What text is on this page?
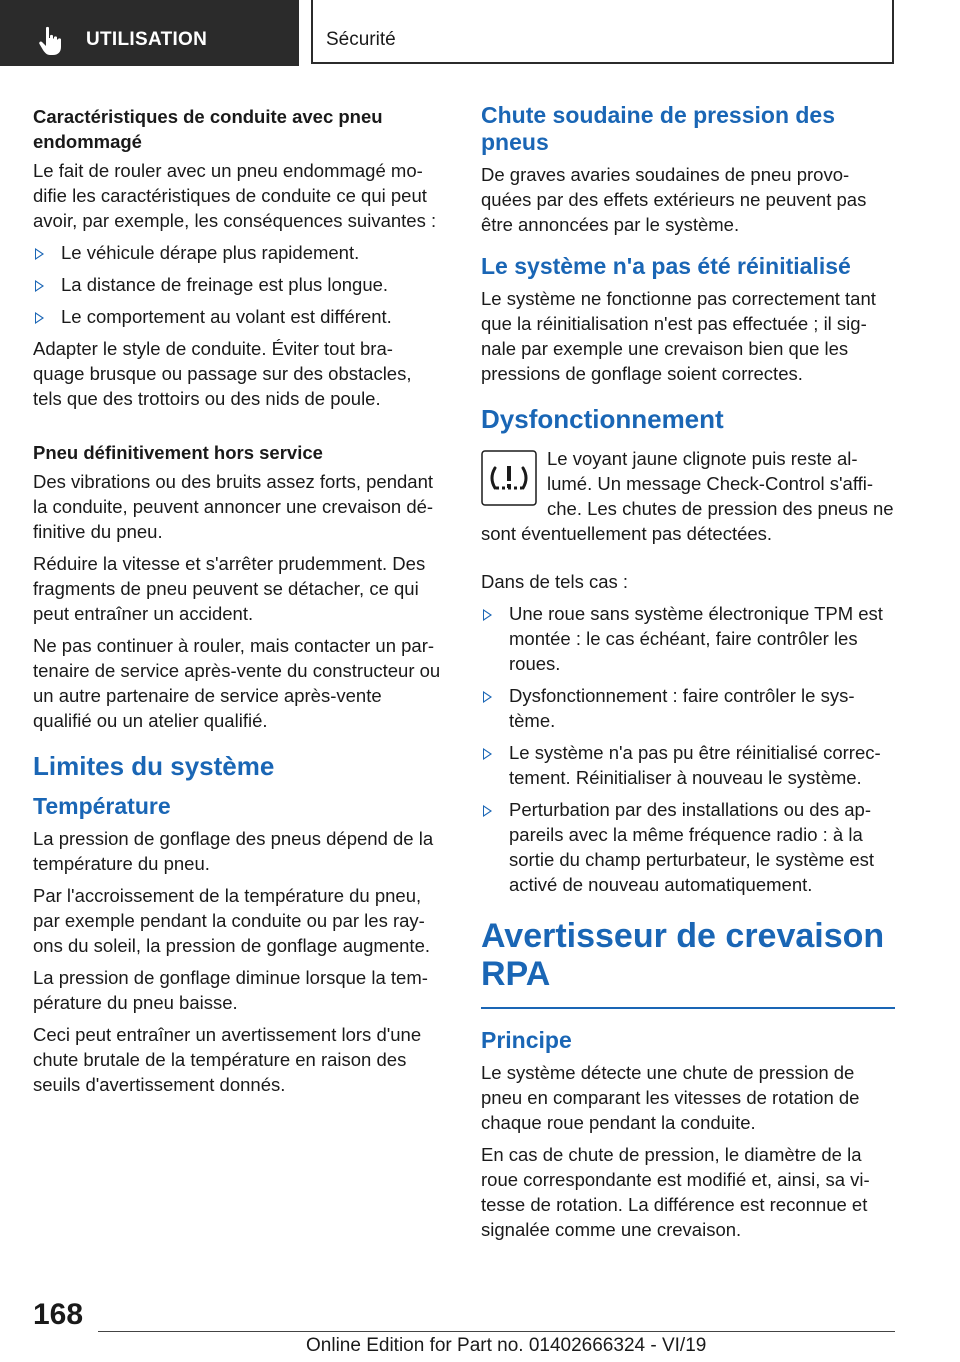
UTILISATION	Sécurité
Caractéristiques de conduite avec pneu endommagé

Le fait de rouler avec un pneu endommagé mo- difie les caractéristiques de conduite ce qui peut avoir, par exemple, les conséquences suivantes :

Le véhicule dérape plus rapidement.
La distance de freinage est plus longue.
Le comportement au volant est différent.

Adapter le style de conduite. Éviter tout bra- quage brusque ou passage sur des obstacles, tels que des trottoirs ou des nids de poule.

Pneu définitivement hors service

Des vibrations ou des bruits assez forts, pendant la conduite, peuvent annoncer une crevaison dé- finitive du pneu.

Réduire la vitesse et s'arrêter prudemment. Des fragments de pneu peuvent se détacher, ce qui peut entraîner un accident.

Ne pas continuer à rouler, mais contacter un par- tenaire de service après-vente du constructeur ou un autre partenaire de service après-vente qualifié ou un atelier qualifié.

Limites du système
Température

La pression de gonflage des pneus dépend de la température du pneu.

Par l'accroissement de la température du pneu, par exemple pendant la conduite ou par les ray- ons du soleil, la pression de gonflage augmente.

La pression de gonflage diminue lorsque la tem- pérature du pneu baisse.

Ceci peut entraîner un avertissement lors d'une chute brutale de la température en raison des seuils d'avertissement donnés.

Chute soudaine de pression des pneus

De graves avaries soudaines de pneu provo- quées par des effets extérieurs ne peuvent pas être annoncées par le système.

Le système n'a pas été réinitialisé

Le système ne fonctionne pas correctement tant que la réinitialisation n'est pas effectuée ; il sig- nale par exemple une crevaison bien que les pressions de gonflage soient correctes.

Dysfonctionnement

Le voyant jaune clignote puis reste al- lumé. Un message Check-Control s'affi- che. Les chutes de pression des pneus ne sont éventuellement pas détectées.

Dans de tels cas :

Une roue sans système électronique TPM est montée : le cas échéant, faire contrôler les roues.
Dysfonctionnement : faire contrôler le sys- tème.
Le système n'a pas pu être réinitialisé correc- tement. Réinitialiser à nouveau le système.
Perturbation par des installations ou des ap- pareils avec la même fréquence radio : à la sortie du champ perturbateur, le système est activé de nouveau automatiquement.
Avertisseur de crevaison RPA
Principe

Le système détecte une chute de pression de pneu en comparant les vitesses de rotation de chaque roue pendant la conduite.

En cas de chute de pression, le diamètre de la roue correspondante est modifié et, ainsi, sa vi- tesse de rotation. La différence est reconnue et signalée comme une crevaison.

168
Online Edition for Part no. 01402666324 - VI/19
